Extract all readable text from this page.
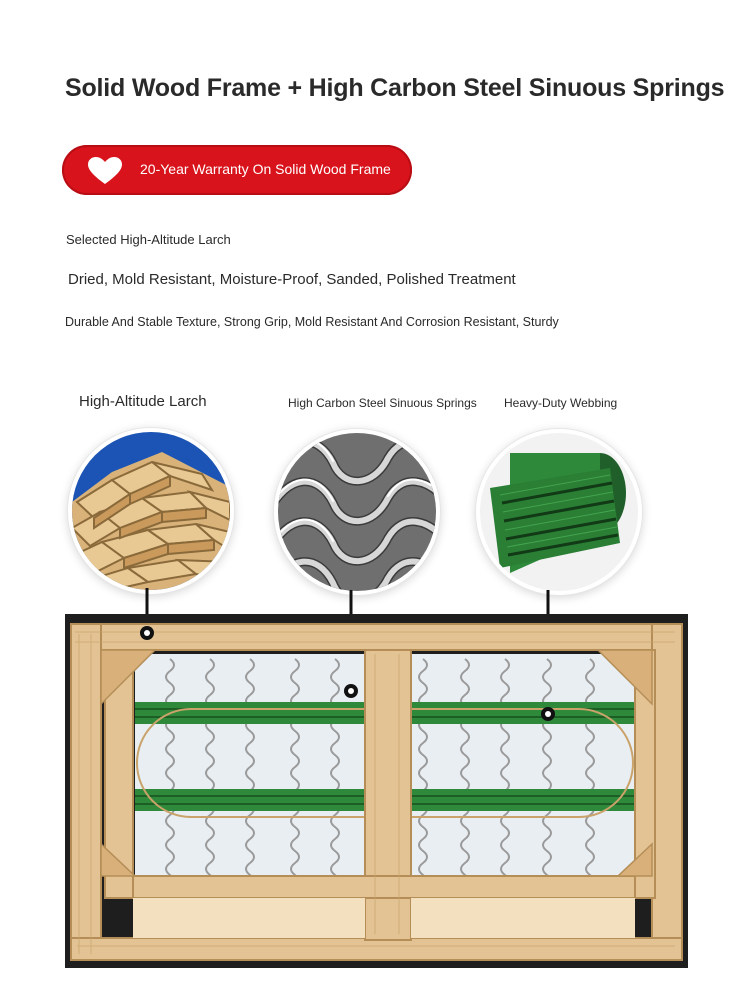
Solid Wood Frame + High Carbon Steel Sinuous Springs
20-Year Warranty On Solid Wood Frame
Selected High-Altitude Larch
Dried, Mold Resistant, Moisture-Proof, Sanded, Polished Treatment
Durable And Stable Texture, Strong Grip, Mold Resistant And Corrosion Resistant, Sturdy
High-Altitude Larch	High Carbon Steel Sinuous Springs Heavy-Duty Webbing
